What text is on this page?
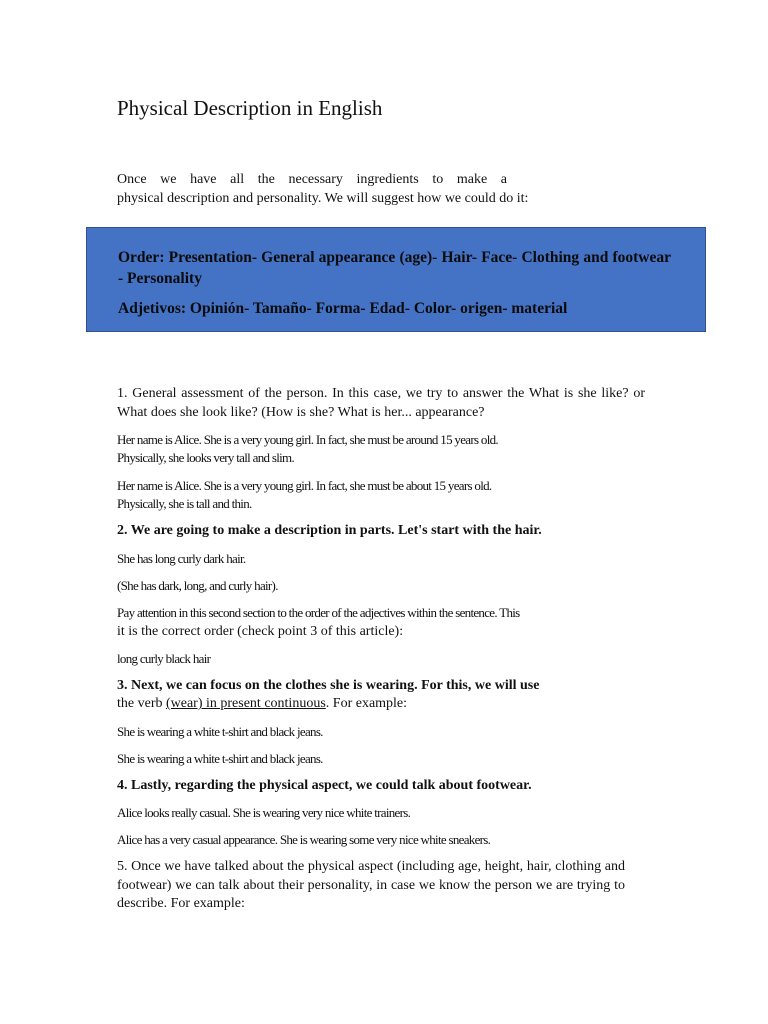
Physical Description in English
Once we have all the necessary ingredients to make a
physical description and personality. We will suggest how we could do it:
Order: Presentation- General appearance (age)- Hair- Face- Clothing and footwear - Personality
Adjetivos: Opinión- Tamaño- Forma- Edad- Color- origen- material

1. General assessment of the person. In this case, we try to answer the What is she like? or What does she look like? (How is she? What is her... appearance?

Her name is Alice. She is a very young girl. In fact, she must be around 15 years old.
Physically, she looks very tall and slim.

Her name is Alice. She is a very young girl. In fact, she must be about 15 years old.
Physically, she is tall and thin.

2. We are going to make a description in parts. Let's start with the hair.

She has long curly dark hair.

(She has dark, long, and curly hair).

Pay attention in this second section to the order of the adjectives within the sentence. This
it is the correct order (check point 3 of this article):

long curly black hair

3. Next, we can focus on the clothes she is wearing. For this, we will use
the verb (wear) in present continuous. For example:

She is wearing a white t-shirt and black jeans.

She is wearing a white t-shirt and black jeans.

4. Lastly, regarding the physical aspect, we could talk about footwear.

Alice looks really casual. She is wearing very nice white trainers.

Alice has a very casual appearance. She is wearing some very nice white sneakers.

5. Once we have talked about the physical aspect (including age, height, hair, clothing and footwear) we can talk about their personality, in case we know the person we are trying to describe. For example:
